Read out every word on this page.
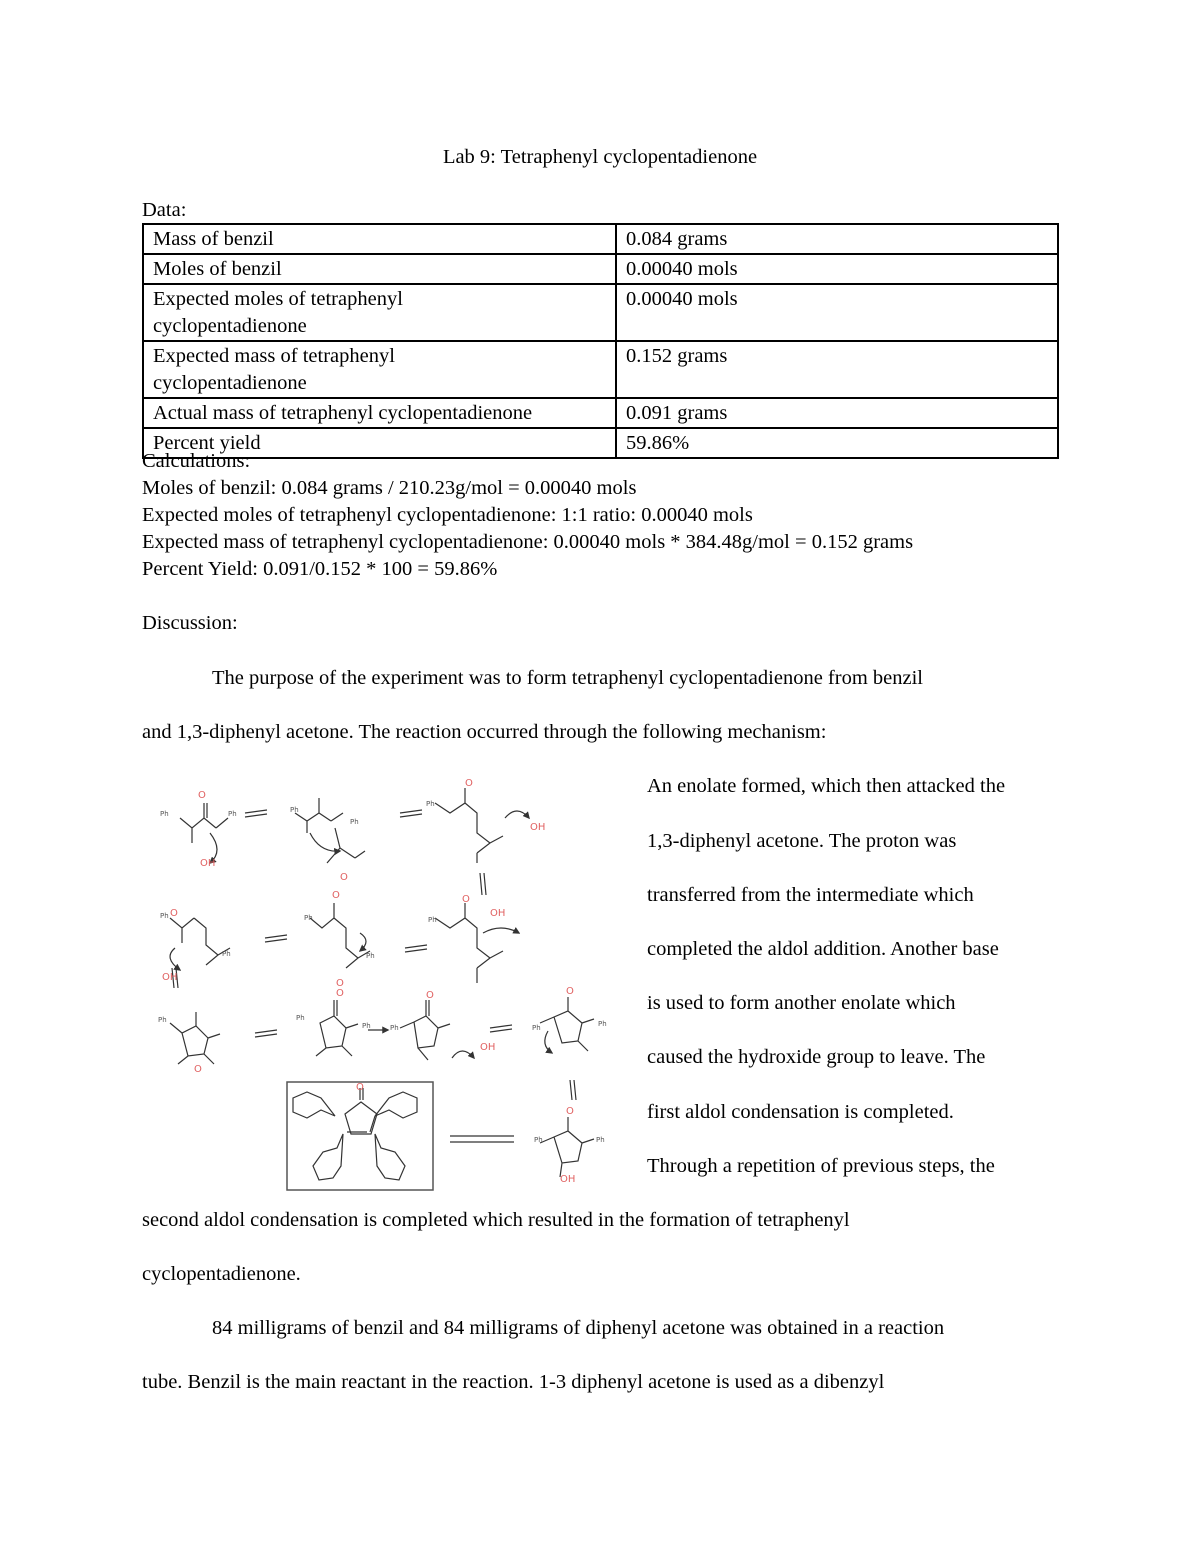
Lab 9: Tetraphenyl cyclopentadienone
Data:
Mass of benzil	0.084 grams
Moles of benzil	0.00040 mols
Expected moles of tetraphenyl cyclopentadienone	0.00040 mols
Expected mass of tetraphenyl cyclopentadienone	0.152 grams
Actual mass of tetraphenyl cyclopentadienone	0.091 grams
Percent yield	59.86%
Calculations:
Moles of benzil: 0.084 grams / 210.23g/mol = 0.00040 mols
Expected moles of tetraphenyl cyclopentadienone: 1:1 ratio: 0.00040 mols
Expected mass of tetraphenyl cyclopentadienone: 0.00040 mols * 384.48g/mol = 0.152 grams
Percent Yield: 0.091/0.152 * 100 = 59.86%
Discussion:
The purpose of the experiment was to form tetraphenyl cyclopentadienone from benzil
and 1,3-diphenyl acetone. The reaction occurred through the following mechanism:
An enolate formed, which then attacked the
1,3-diphenyl acetone. The proton was
transferred from the intermediate which
completed the aldol addition. Another base
is used to form another enolate which
caused the hydroxide group to leave. The
first aldol condensation is completed.
Through a repetition of previous steps, the
second aldol condensation is completed which resulted in the formation of tetraphenyl
cyclopentadienone.
84 milligrams of benzil and 84 milligrams of diphenyl acetone was obtained in a reaction
tube. Benzil is the main reactant in the reaction. 1-3 diphenyl acetone is used as a dibenzyl
O
OH
O
O
OH
O
OH
O
O
O
OH
O
O	O
OH
O
O
OH
O
Ph	Ph	Ph
Ph
Ph
Ph
Ph
Ph
Ph
Ph
Ph	Ph
Ph	Ph	Ph	Ph
Ph	Ph
